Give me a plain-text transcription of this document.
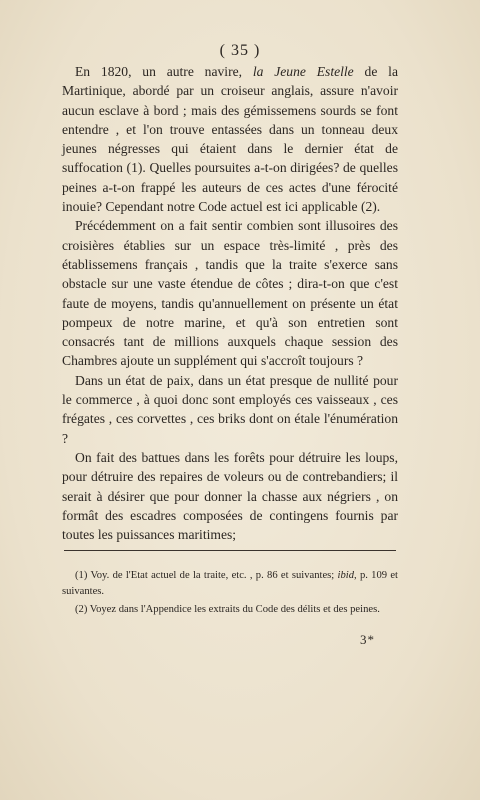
( 35 )

En 1820, un autre navire, la Jeune Estelle de la Martinique, abordé par un croiseur anglais, assure n'avoir aucun esclave à bord ; mais des gémissemens sourds se font entendre , et l'on trouve entassées dans un tonneau deux jeunes négresses qui étaient dans le dernier état de suffocation (1). Quelles poursuites a-t-on dirigées? de quelles peines a-t-on frappé les auteurs de ces actes d'une férocité inouie? Cependant notre Code actuel est ici applicable (2).

Précédemment on a fait sentir combien sont illusoires des croisières établies sur un espace très-limité , près des établissemens français , tandis que la traite s'exerce sans obstacle sur une vaste étendue de côtes ; dira-t-on que c'est faute de moyens, tandis qu'annuellement on présente un état pompeux de notre marine, et qu'à son entretien sont consacrés tant de millions auxquels chaque session des Chambres ajoute un supplément qui s'accroît toujours ?

Dans un état de paix, dans un état presque de nullité pour le commerce , à quoi donc sont employés ces vaisseaux , ces frégates , ces corvettes , ces briks dont on étale l'énumération ?

On fait des battues dans les forêts pour détruire les loups, pour détruire des repaires de voleurs ou de contrebandiers; il serait à désirer que pour donner la chasse aux négriers , on formât des escadres composées de contingens fournis par toutes les puissances maritimes;

(1) Voy. de l'Etat actuel de la traite, etc. , p. 86 et suivantes; ibid, p. 109 et suivantes.

(2) Voyez dans l'Appendice les extraits du Code des délits et des peines.

3*
